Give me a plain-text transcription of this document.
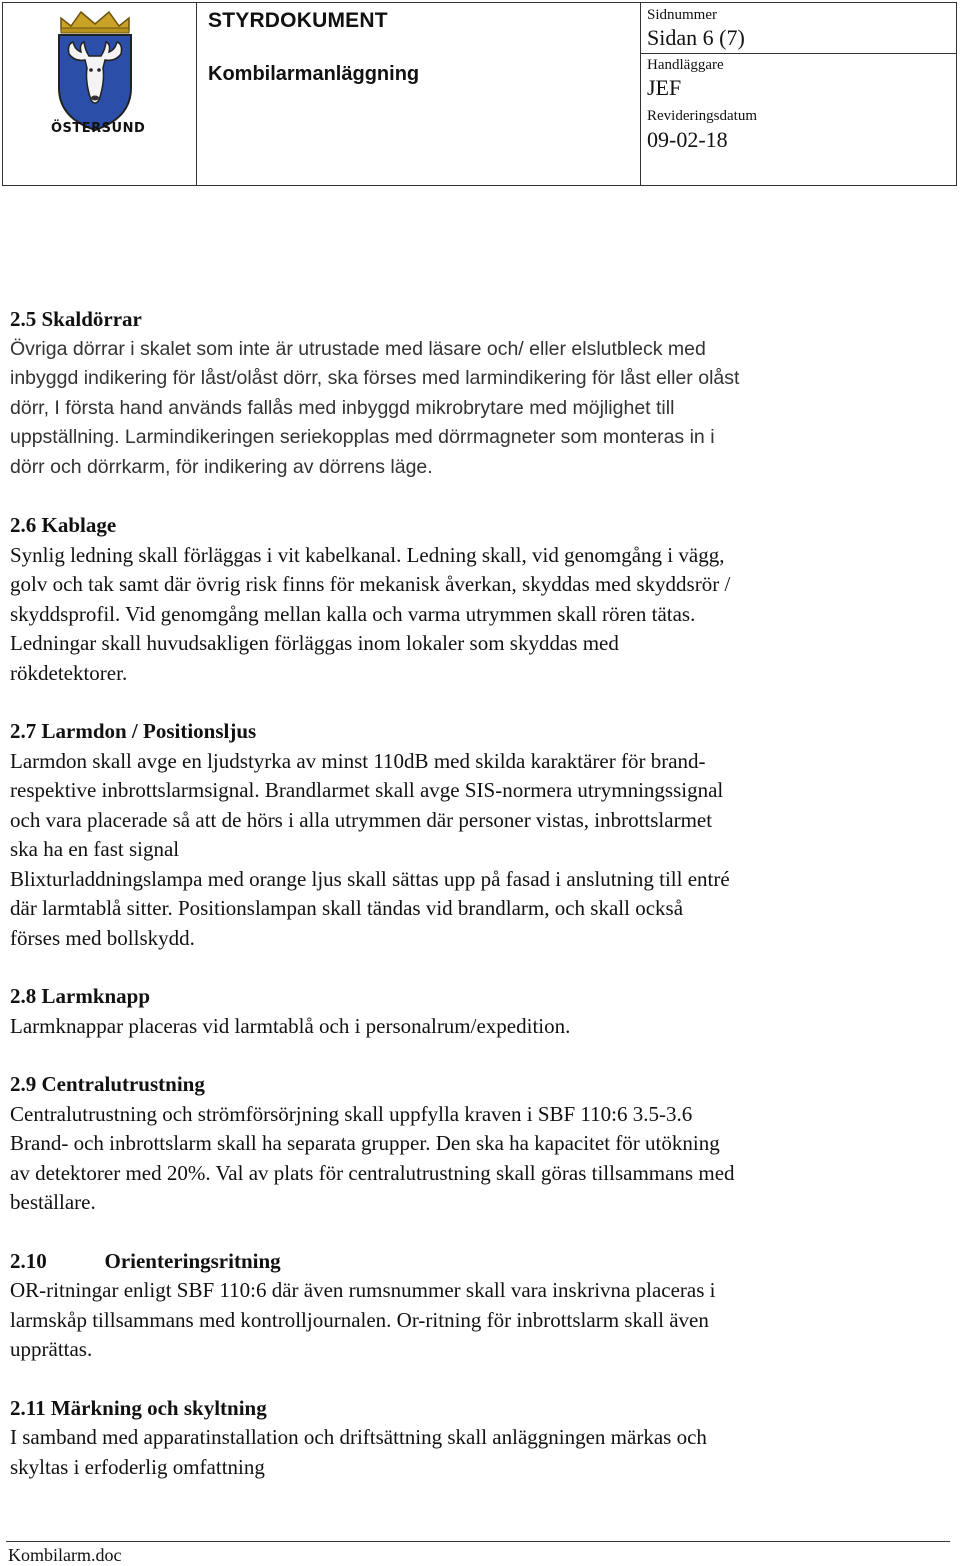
ÖSTERSUND
STYRDOKUMENT
Kombilarmanläggning
Sidnummer
Sidan 6 (7)
Handläggare
JEF
Revideringsdatum
09-02-18
2.5 Skaldörrar
Övriga dörrar i skalet som inte är utrustade med läsare och/ eller elslutbleck med
inbyggd indikering för låst/olåst dörr, ska förses med larmindikering för låst eller olåst
dörr, I första hand används fallås med inbyggd mikrobrytare med möjlighet till
uppställning. Larmindikeringen seriekopplas med dörrmagneter som monteras in i
dörr och dörrkarm, för indikering av dörrens läge.
2.6 Kablage
Synlig ledning skall förläggas i vit kabelkanal. Ledning skall, vid genomgång i vägg,
golv och tak samt där övrig risk finns för mekanisk åverkan, skyddas med skyddsrör /
skyddsprofil. Vid genomgång mellan kalla och varma utrymmen skall rören tätas.
Ledningar skall huvudsakligen förläggas inom lokaler som skyddas med
rökdetektorer.
2.7 Larmdon / Positionsljus
Larmdon skall avge en ljudstyrka av minst 110dB med skilda karaktärer för brand-
respektive inbrottslarmsignal. Brandlarmet skall avge SIS-normera utrymningssignal
och vara placerade så att de hörs i alla utrymmen där personer vistas, inbrottslarmet
ska ha en fast signal
Blixturladdningslampa med orange ljus skall sättas upp på fasad i anslutning till entré
där larmtablå sitter. Positionslampan skall tändas vid brandlarm, och skall också
förses med bollskydd.
2.8 Larmknapp
Larmknappar placeras vid larmtablå och i personalrum/expedition.
2.9 Centralutrustning
Centralutrustning och strömförsörjning skall uppfylla kraven i SBF 110:6 3.5-3.6
Brand- och inbrottslarm skall ha separata grupper. Den ska ha kapacitet för utökning
av detektorer med 20%. Val av plats för centralutrustning skall göras tillsammans med
beställare.
2.10           Orienteringsritning
OR-ritningar enligt SBF 110:6 där även rumsnummer skall vara inskrivna placeras i
larmskåp tillsammans med kontrolljournalen. Or-ritning för inbrottslarm skall även
upprättas.
2.11 Märkning och skyltning
I samband med apparatinstallation och driftsättning skall anläggningen märkas och
skyltas i erfoderlig omfattning
Kombilarm.doc
